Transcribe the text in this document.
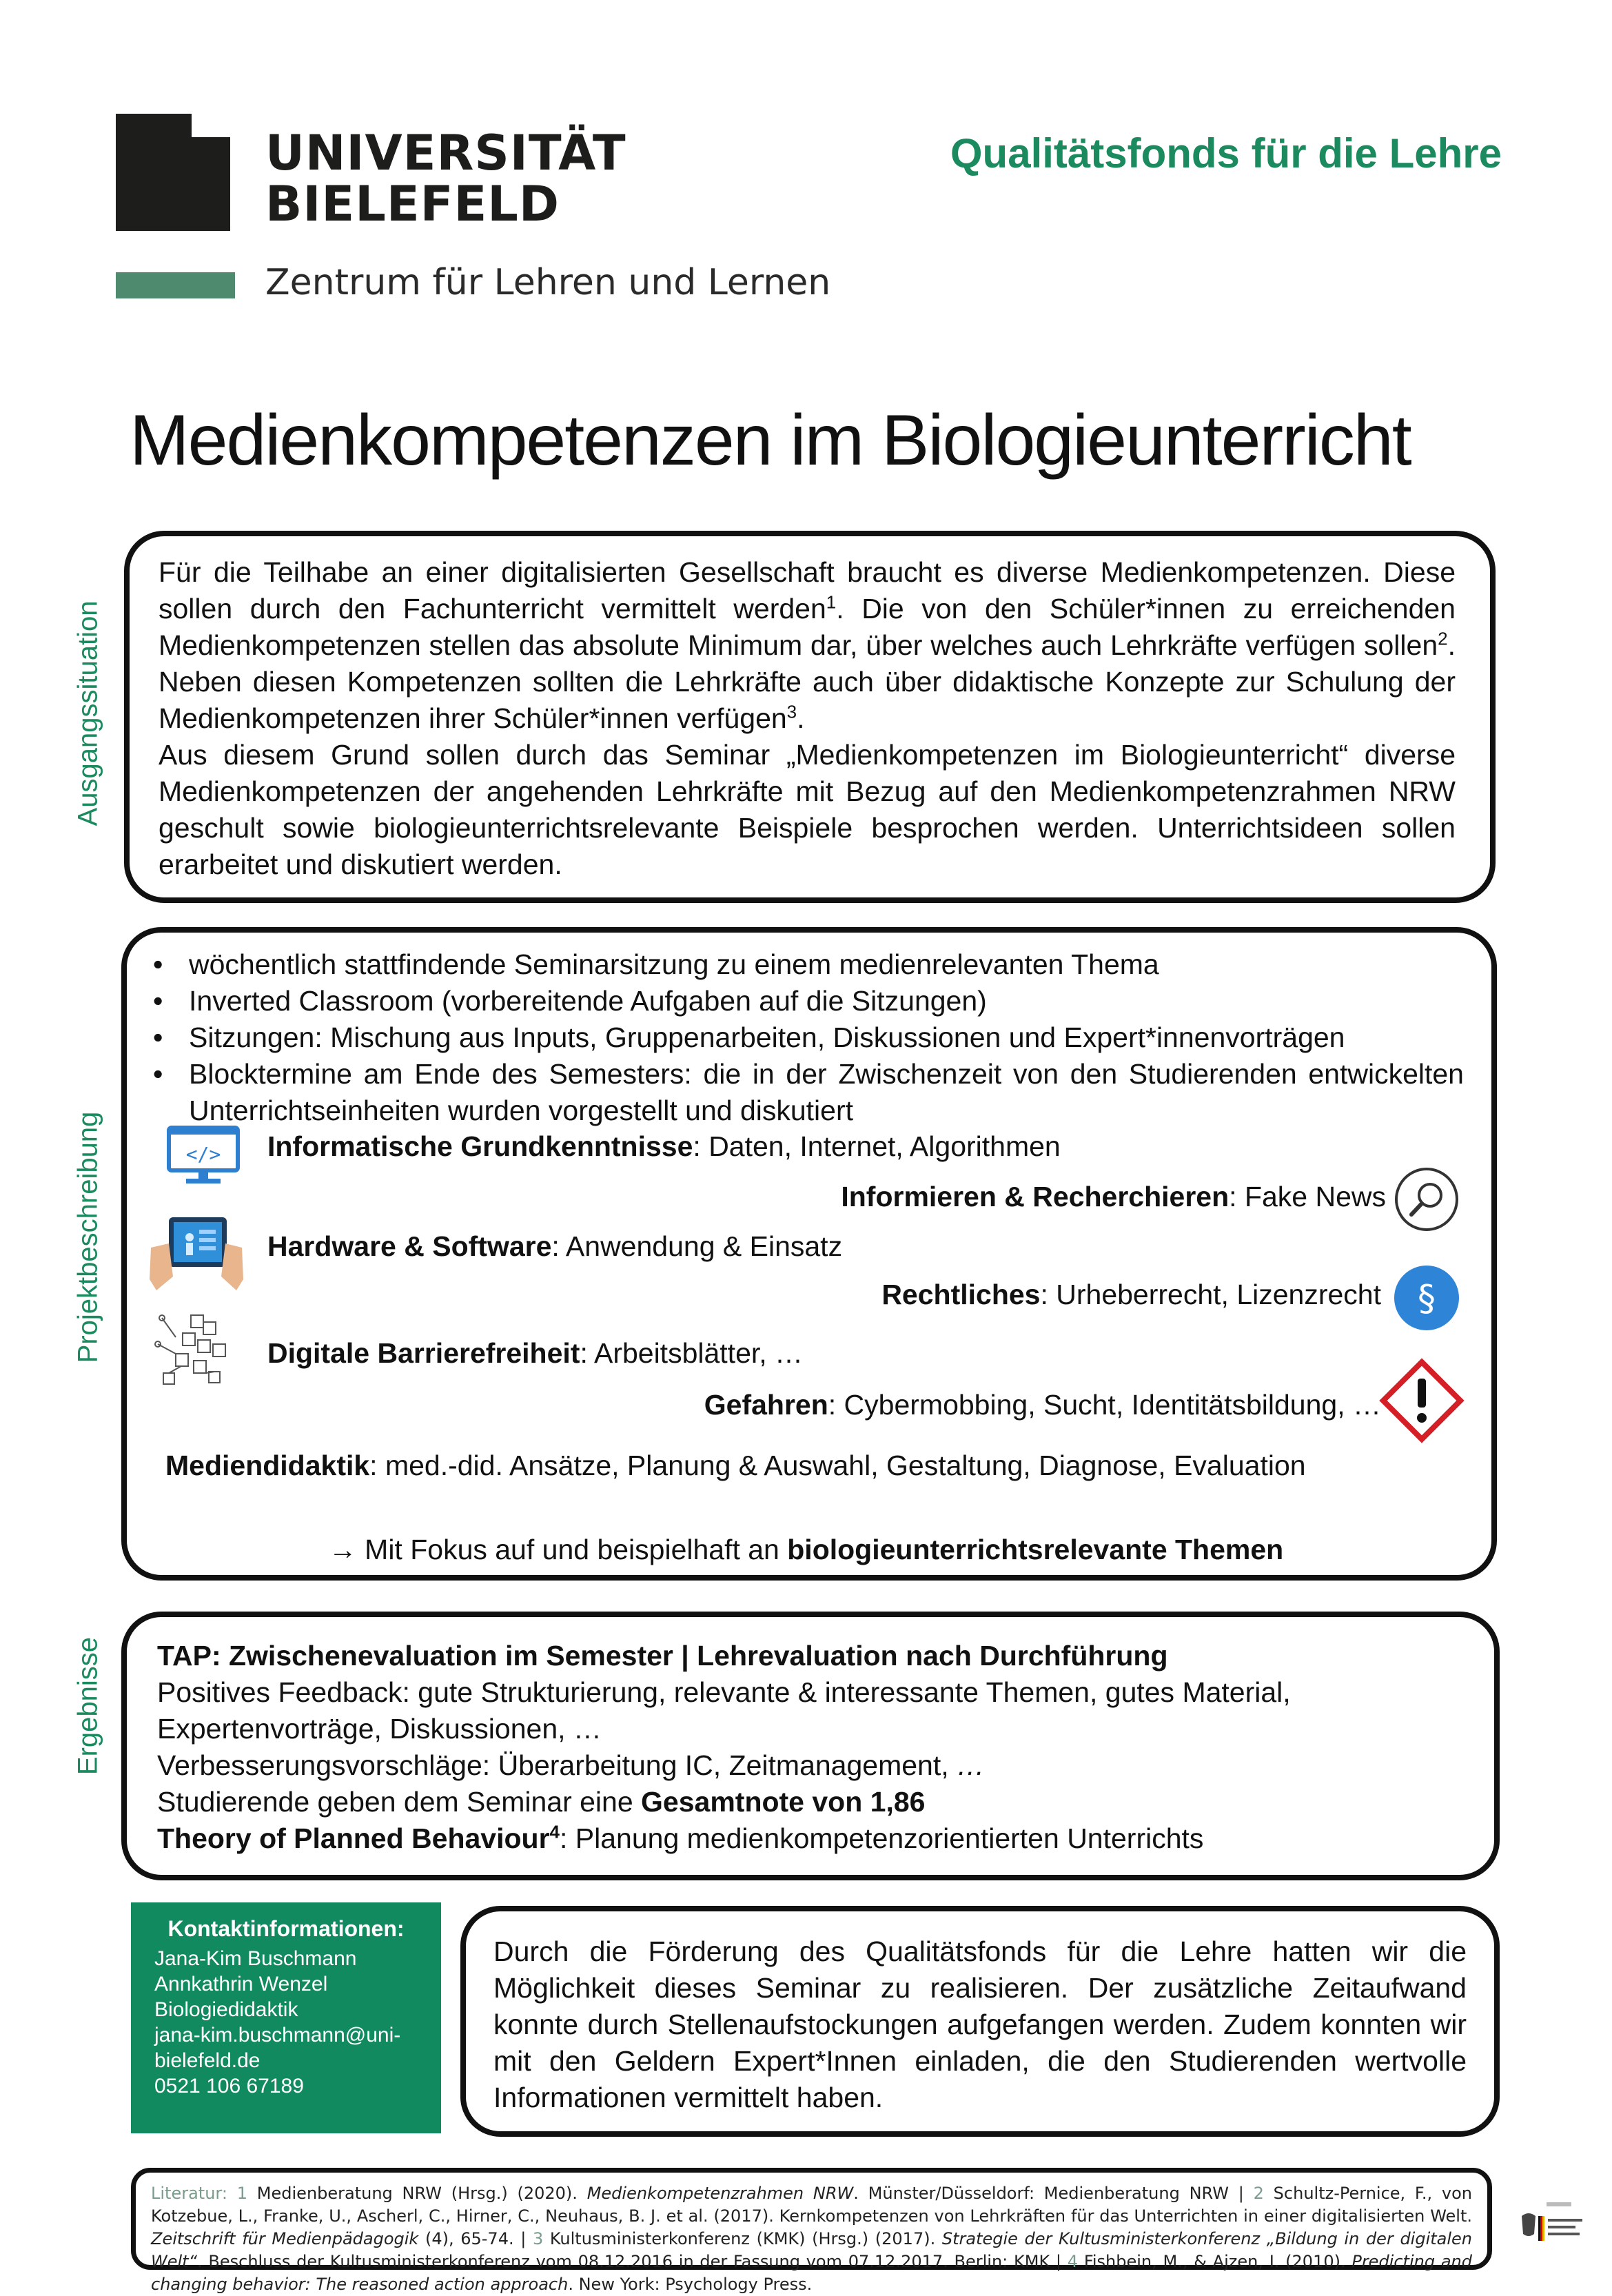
UNIVERSITÄT
BIELEFELD
Zentrum für Lehren und Lernen
Qualitätsfonds für die Lehre
Medienkompetenzen im Biologieunterricht
Ausgangssituation
Projektbeschreibung
Ergebnisse
Für die Teilhabe an einer digitalisierten Gesellschaft braucht es diverse Medienkompetenzen. Diese sollen durch den Fachunterricht vermittelt werden$^1$. Die von den Schüler*innen zu erreichenden Medienkompetenzen stellen das absolute Minimum dar, über welches auch Lehrkräfte verfügen sollen$^2$. Neben diesen Kompetenzen sollten die Lehrkräfte auch über didaktische Konzepte zur Schulung der Medienkompetenzen ihrer Schüler*innen verfügen$^3$.
Aus diesem Grund sollen durch das Seminar „Medienkompetenzen im Biologieunterricht“ diverse Medienkompetenzen der angehenden Lehrkräfte mit Bezug auf den Medienkompetenzrahmen NRW geschult sowie biologieunterrichtsrelevante Beispiele besprochen werden. Unterrichtsideen sollen erarbeitet und diskutiert werden.
• wöchentlich stattfindende Seminarsitzung zu einem medienrelevanten Thema
• Inverted Classroom (vorbereitende Aufgaben auf die Sitzungen)
• Sitzungen: Mischung aus Inputs, Gruppenarbeiten, Diskussionen und Expert*innenvorträgen
• Blocktermine am Ende des Semesters: die in der Zwischenzeit von den Studierenden entwickelten Unterrichtseinheiten wurden vorgestellt und diskutiert
</>
§
Informatische Grundkenntnisse: Daten, Internet, Algorithmen
Informieren & Recherchieren: Fake News
Hardware & Software: Anwendung & Einsatz
Rechtliches: Urheberrecht, Lizenzrecht
Digitale Barrierefreiheit: Arbeitsblätter, …
Gefahren: Cybermobbing, Sucht, Identitätsbildung, …
Mediendidaktik: med.-did. Ansätze, Planung & Auswahl, Gestaltung, Diagnose, Evaluation
→ Mit Fokus auf und beispielhaft an biologieunterrichtsrelevante Themen
TAP: Zwischenevaluation im Semester | Lehrevaluation nach Durchführung
Positives Feedback: gute Strukturierung, relevante & interessante Themen, gutes Material, Expertenvorträge, Diskussionen, …
Verbesserungsvorschläge: Überarbeitung IC, Zeitmanagement, …
Studierende geben dem Seminar eine Gesamtnote von 1,86
Theory of Planned Behaviour$^4$: Planung medienkompetenzorientierten Unterrichts
Kontaktinformationen:
Jana-Kim Buschmann
Annkathrin Wenzel
Biologiedidaktik
jana-kim.buschmann@uni-
bielefeld.de
0521 106 67189
Durch die Förderung des Qualitätsfonds für die Lehre hatten wir die Möglichkeit dieses Seminar zu realisieren. Der zusätzliche Zeitaufwand konnte durch Stellenaufstockungen aufgefangen werden. Zudem konnten wir mit den Geldern Expert*Innen einladen, die den Studierenden wertvolle Informationen vermittelt haben.
Literatur: 1 Medienberatung NRW (Hrsg.) (2020). Medienkompetenzrahmen NRW. Münster/Düsseldorf: Medienberatung NRW | 2 Schultz-Pernice, F., von Kotzebue, L., Franke, U., Ascherl, C., Hirner, C., Neuhaus, B. J. et al. (2017). Kernkompetenzen von Lehrkräften für das Unterrichten in einer digitalisierten Welt. Zeitschrift für Medienpädagogik (4), 65-74. | 3 Kultusministerkonferenz (KMK) (Hrsg.) (2017). Strategie der Kultusministerkonferenz „Bildung in der digitalen Welt“. Beschluss der Kultusministerkonferenz vom 08.12.2016 in der Fassung vom 07.12.2017. Berlin: KMK | 4 Fishbein, M., & Ajzen, I. (2010). Predicting and changing behavior: The reasoned action approach. New York: Psychology Press.
